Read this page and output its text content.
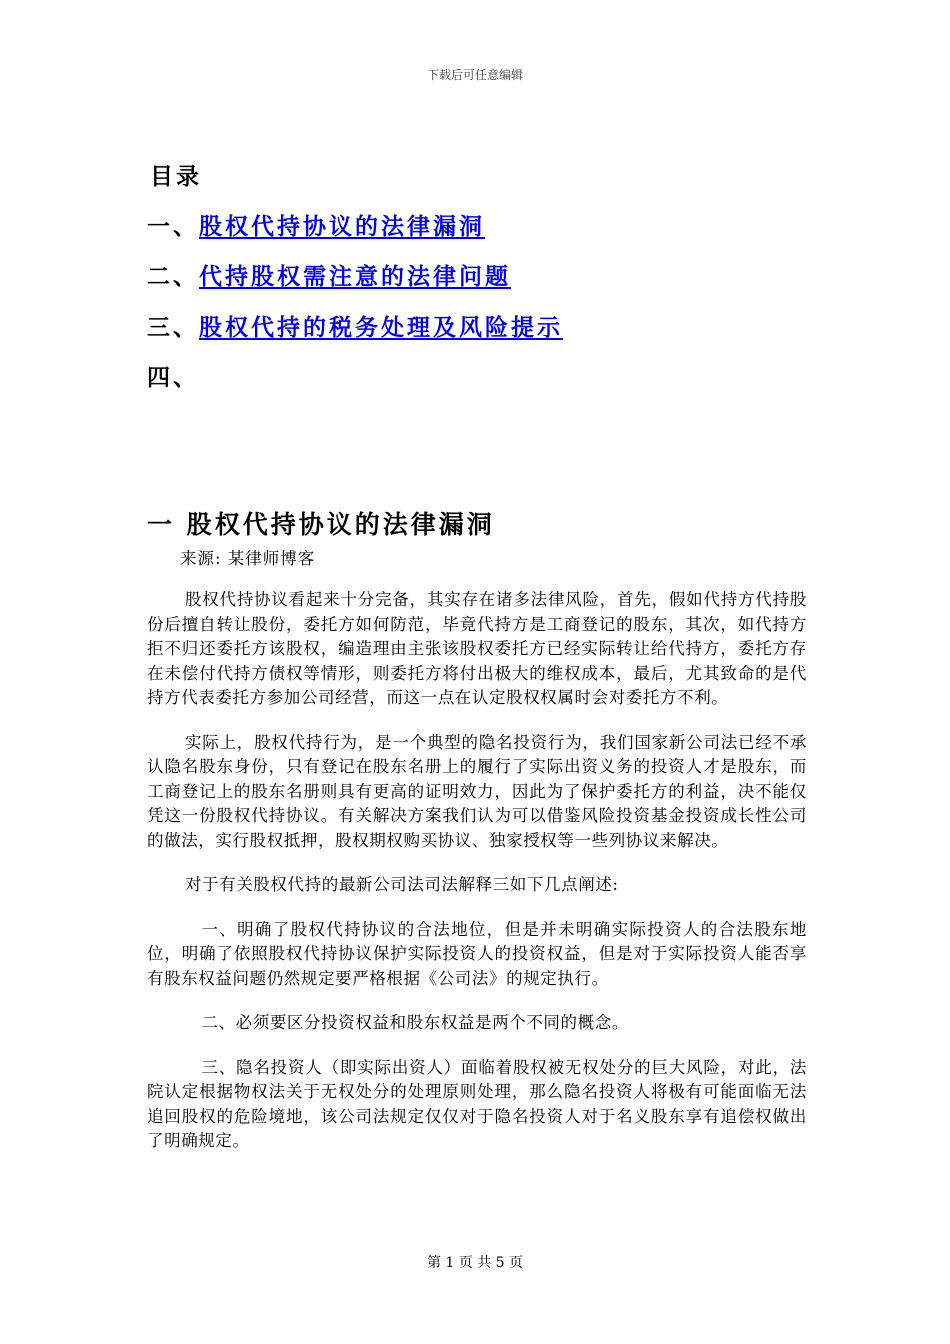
下载后可任意编辑
目录
一、股权代持协议的法律漏洞
二、代持股权需注意的法律问题
三、股权代持的税务处理及风险提示
四、
一 股权代持协议的法律漏洞
来源: 某律师博客

股权代持协议看起来十分完备，其实存在诸多法律风险，首先，假如代持方代持股份后擅自转让股份，委托方如何防范，毕竟代持方是工商登记的股东，其次，如代持方拒不归还委托方该股权，编造理由主张该股权委托方已经实际转让给代持方，委托方存在未偿付代持方债权等情形，则委托方将付出极大的维权成本，最后，尤其致命的是代持方代表委托方参加公司经营，而这一点在认定股权权属时会对委托方不利。

实际上，股权代持行为，是一个典型的隐名投资行为，我们国家新公司法已经不承认隐名股东身份，只有登记在股东名册上的履行了实际出资义务的投资人才是股东，而工商登记上的股东名册则具有更高的证明效力，因此为了保护委托方的利益，决不能仅凭这一份股权代持协议。有关解决方案我们认为可以借鉴风险投资基金投资成长性公司的做法，实行股权抵押，股权期权购买协议、独家授权等一些列协议来解决。

对于有关股权代持的最新公司法司法解释三如下几点阐述:

一、明确了股权代持协议的合法地位，但是并未明确实际投资人的合法股东地位，明确了依照股权代持协议保护实际投资人的投资权益，但是对于实际投资人能否享有股东权益问题仍然规定要严格根据《公司法》的规定执行。

二、必须要区分投资权益和股东权益是两个不同的概念。

三、隐名投资人（即实际出资人）面临着股权被无权处分的巨大风险，对此，法院认定根据物权法关于无权处分的处理原则处理，那么隐名投资人将极有可能面临无法追回股权的危险境地，该公司法规定仅仅对于隐名投资人对于名义股东享有追偿权做出了明确规定。

第 1 页 共 5 页
